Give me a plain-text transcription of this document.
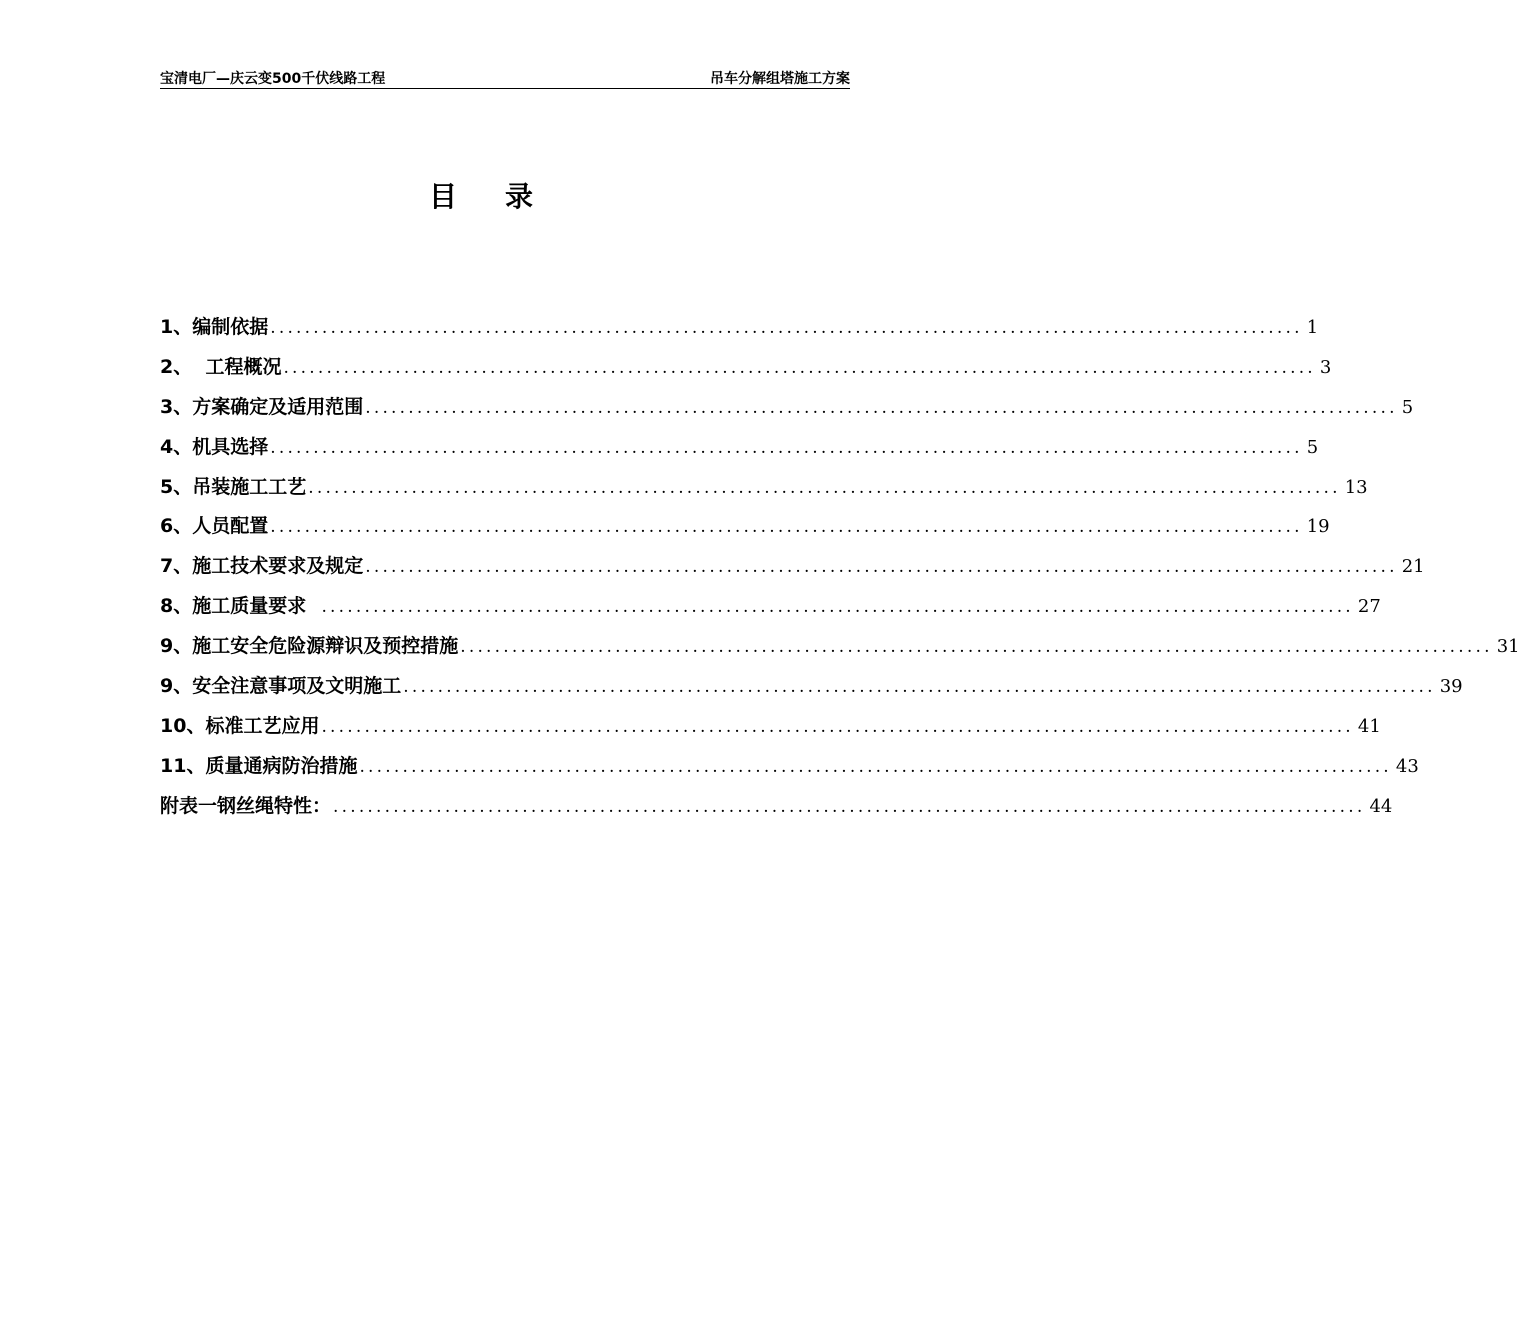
宝清电厂—庆云变500千伏线路工程	吊车分解组塔施工方案
目录
1、编制依据 ........................................................................................................................ 1
2、  工程概况 ........................................................................................................................ 3
3、方案确定及适用范围 ........................................................................................................................ 5
4、机具选择 ........................................................................................................................ 5
5、吊装施工工艺 ........................................................................................................................ 13
6、人员配置 ........................................................................................................................ 19
7、施工技术要求及规定 ........................................................................................................................ 21
8、施工质量要求 ........................................................................................................................ 27
9、施工安全危险源辩识及预控措施 ........................................................................................................................ 31
9、安全注意事项及文明施工 ........................................................................................................................ 39
10、标准工艺应用 ........................................................................................................................ 41
11、质量通病防治措施 ........................................................................................................................ 43
附表一钢丝绳特性： ........................................................................................................................ 44
